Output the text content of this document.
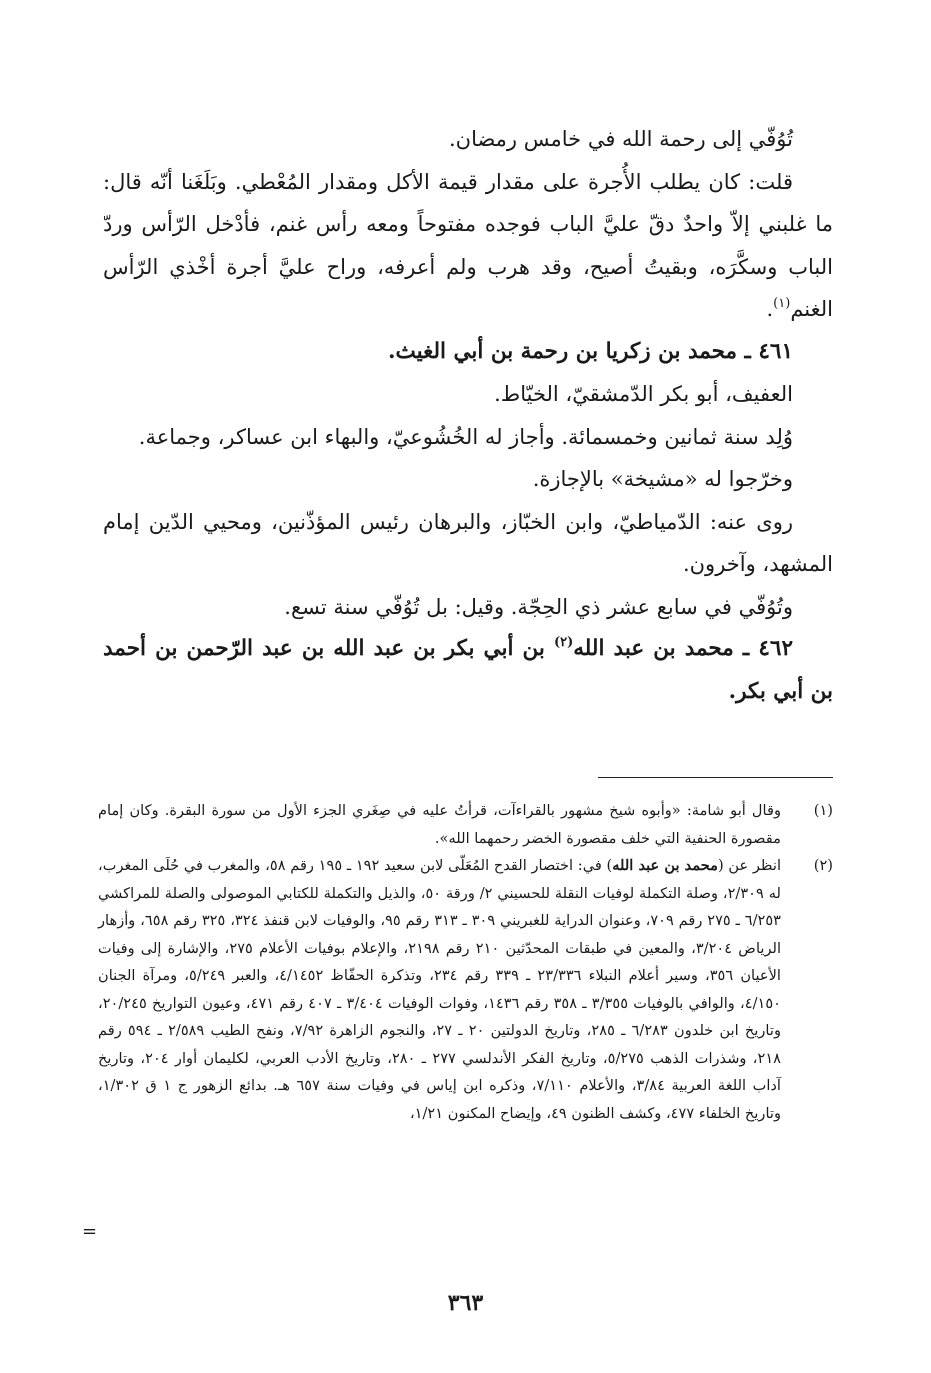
تُوُفّي إلى رحمة الله في خامس رمضان.

قلت: كان يطلب الأُجرة على مقدار قيمة الأكل ومقدار المُعْطي. وبَلَغَنا أنّه قال: ما غلبني إلاّ واحدٌ دقّ عليَّ الباب فوجده مفتوحاً ومعه رأس غنم، فأدْخل الرّأس وردّ الباب وسكَّرَه، وبقيتُ أصيح، وقد هرب ولم أعرفه، وراح عليَّ أجرة أخْذي الرّأس الغنم$^{(١)}$.

٤٦١ ـ محمد بن زكريا بن رحمة بن أبي الغيث.

العفيف، أبو بكر الدّمشقيّ، الخيّاط.

وُلِد سنة ثمانين وخمسمائة. وأجاز له الخُشُوعيّ، والبهاء ابن عساكر، وجماعة.

وخرّجوا له «مشيخة» بالإجازة.

روى عنه: الدّمياطيّ، وابن الخبّاز، والبرهان رئيس المؤذّنين، ومحيي الدّين إمام المشهد، وآخرون.

وتُوُفّي في سابع عشر ذي الحِجّة. وقيل: بل تُوُفّي سنة تسع.

٤٦٢ ـ محمد بن عبد الله$^{(٢)}$ بن أبي بكر بن عبد الله بن عبد الرّحمن بن أحمد بن أبي بكر.

(١)
وقال أبو شامة: «وأبوه شيخ مشهور بالقراءآت، قرأتُ عليه في صِغَري الجزء الأول من سورة البقرة. وكان إمام مقصورة الحنفية التي خلف مقصورة الخضر رحمهما الله».

(٢)
انظر عن (محمد بن عبد الله) في: اختصار القدح المُعَلّى لابن سعيد ١٩٢ ـ ١٩٥ رقم ٥٨، والمغرب في حُلَى المغرب، له ٢/٣٠٩، وصلة التكملة لوفيات النقلة للحسيني ٢/ ورقة ٥٠، والذيل والتكملة للكتابي الموصولى والصلة للمراكشي ٦/٢٥٣ ـ ٢٧٥ رقم ٧٠٩، وعنوان الدراية للغبريني ٣٠٩ ـ ٣١٣ رقم ٩٥، والوفيات لابن قنفذ ٣٢٤، ٣٢٥ رقم ٦٥٨، وأزهار الرياض ٣/٢٠٤، والمعين في طبقات المحدّثين ٢١٠ رقم ٢١٩٨، والإعلام بوفيات الأعلام ٢٧٥، والإشارة إلى وفيات الأعيان ٣٥٦، وسير أعلام النبلاء ٢٣/٣٣٦ ـ ٣٣٩ رقم ٢٣٤، وتذكرة الحفّاظ ٤/١٤٥٢، والعبر ٥/٢٤٩، ومرآة الجنان ٤/١٥٠، والوافي بالوفيات ٣/٣٥٥ ـ ٣٥٨ رقم ١٤٣٦، وفوات الوفيات ٣/٤٠٤ ـ ٤٠٧ رقم ٤٧١، وعيون التواريخ ٢٠/٢٤٥، وتاريخ ابن خلدون ٦/٢٨٣ ـ ٢٨٥، وتاريخ الدولتين ٢٠ ـ ٢٧، والنجوم الزاهرة ٧/٩٢، ونفح الطيب ٢/٥٨٩ ـ ٥٩٤ رقم ٢١٨، وشذرات الذهب ٥/٢٧٥، وتاريخ الفكر الأندلسي ٢٧٧ ـ ٢٨٠، وتاريخ الأدب العربي، لكليمان أوار ٢٠٤، وتاريخ آداب اللغة العربية ٣/٨٤، والأعلام ٧/١١٠، وذكره ابن إياس في وفيات سنة ٦٥٧ هـ. بدائع الزهور ج ١ ق ١/٣٠٢، وتاريخ الخلفاء ٤٧٧، وكشف الظنون ٤٩، وإيضاح المكنون ١/٢١،

=
٣٦٣
